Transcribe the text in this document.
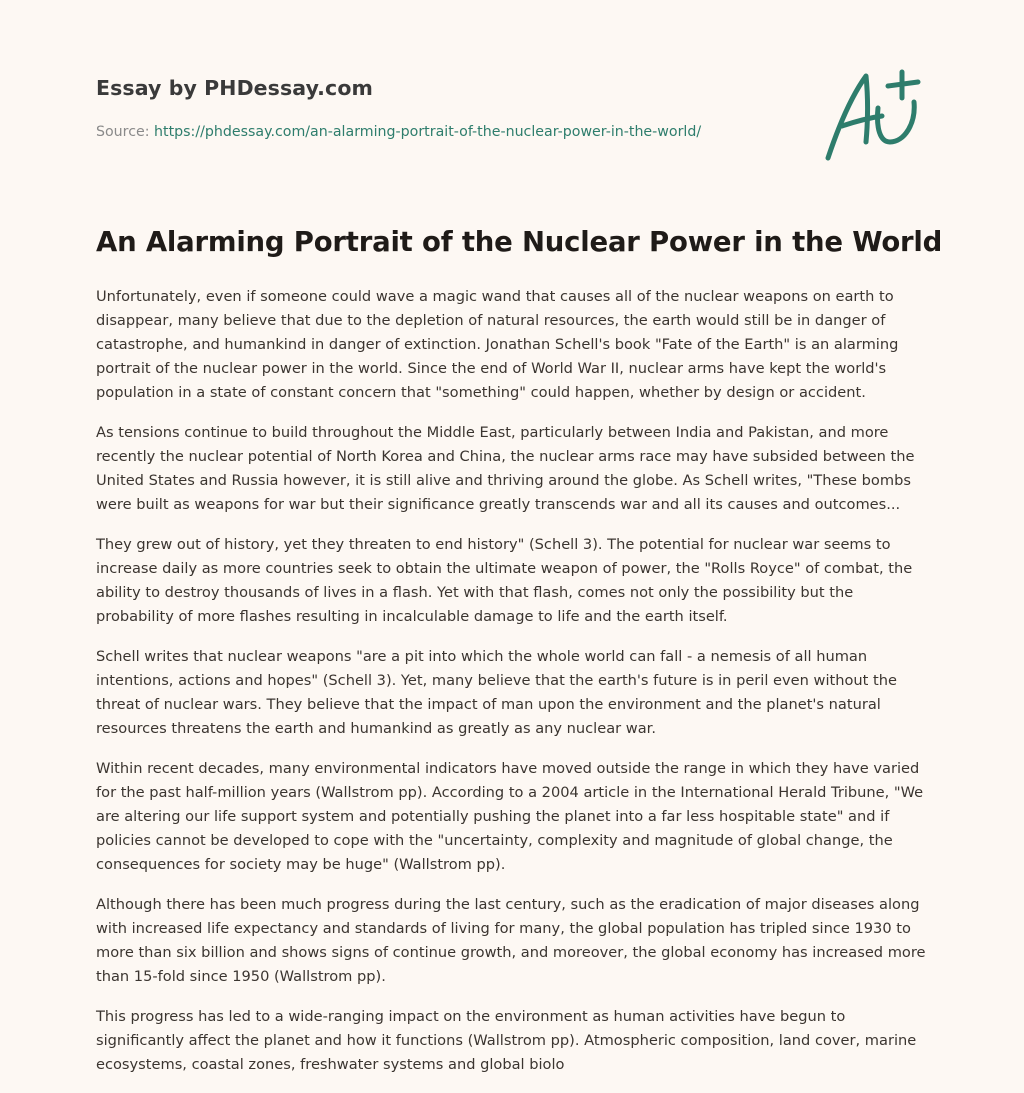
Essay by PHDessay.com
Source: https://phdessay.com/an-alarming-portrait-of-the-nuclear-power-in-the-world/
An Alarming Portrait of the Nuclear Power in the World

Unfortunately, even if someone could wave a magic wand that causes all of the nuclear weapons on earth to disappear, many believe that due to the depletion of natural resources, the earth would still be in danger of catastrophe, and humankind in danger of extinction. Jonathan Schell's book "Fate of the Earth" is an alarming portrait of the nuclear power in the world. Since the end of World War II, nuclear arms have kept the world's population in a state of constant concern that "something" could happen, whether by design or accident.

As tensions continue to build throughout the Middle East, particularly between India and Pakistan, and more recently the nuclear potential of North Korea and China, the nuclear arms race may have subsided between the United States and Russia however, it is still alive and thriving around the globe. As Schell writes, "These bombs were built as weapons for war but their significance greatly transcends war and all its causes and outcomes...

They grew out of history, yet they threaten to end history" (Schell 3). The potential for nuclear war seems to increase daily as more countries seek to obtain the ultimate weapon of power, the "Rolls Royce" of combat, the ability to destroy thousands of lives in a flash. Yet with that flash, comes not only the possibility but the probability of more flashes resulting in incalculable damage to life and the earth itself.

Schell writes that nuclear weapons "are a pit into which the whole world can fall - a nemesis of all human intentions, actions and hopes" (Schell 3). Yet, many believe that the earth's future is in peril even without the threat of nuclear wars. They believe that the impact of man upon the environment and the planet's natural resources threatens the earth and humankind as greatly as any nuclear war.

Within recent decades, many environmental indicators have moved outside the range in which they have varied for the past half-million years (Wallstrom pp). According to a 2004 article in the International Herald Tribune, "We are altering our life support system and potentially pushing the planet into a far less hospitable state" and if policies cannot be developed to cope with the "uncertainty, complexity and magnitude of global change, the consequences for society may be huge" (Wallstrom pp).

Although there has been much progress during the last century, such as the eradication of major diseases along with increased life expectancy and standards of living for many, the global population has tripled since 1930 to more than six billion and shows signs of continue growth, and moreover, the global economy has increased more than 15-fold since 1950 (Wallstrom pp).

This progress has led to a wide-ranging impact on the environment as human activities have begun to significantly affect the planet and how it functions (Wallstrom pp). Atmospheric composition, land cover, marine ecosystems, coastal zones, freshwater systems and global biolo
